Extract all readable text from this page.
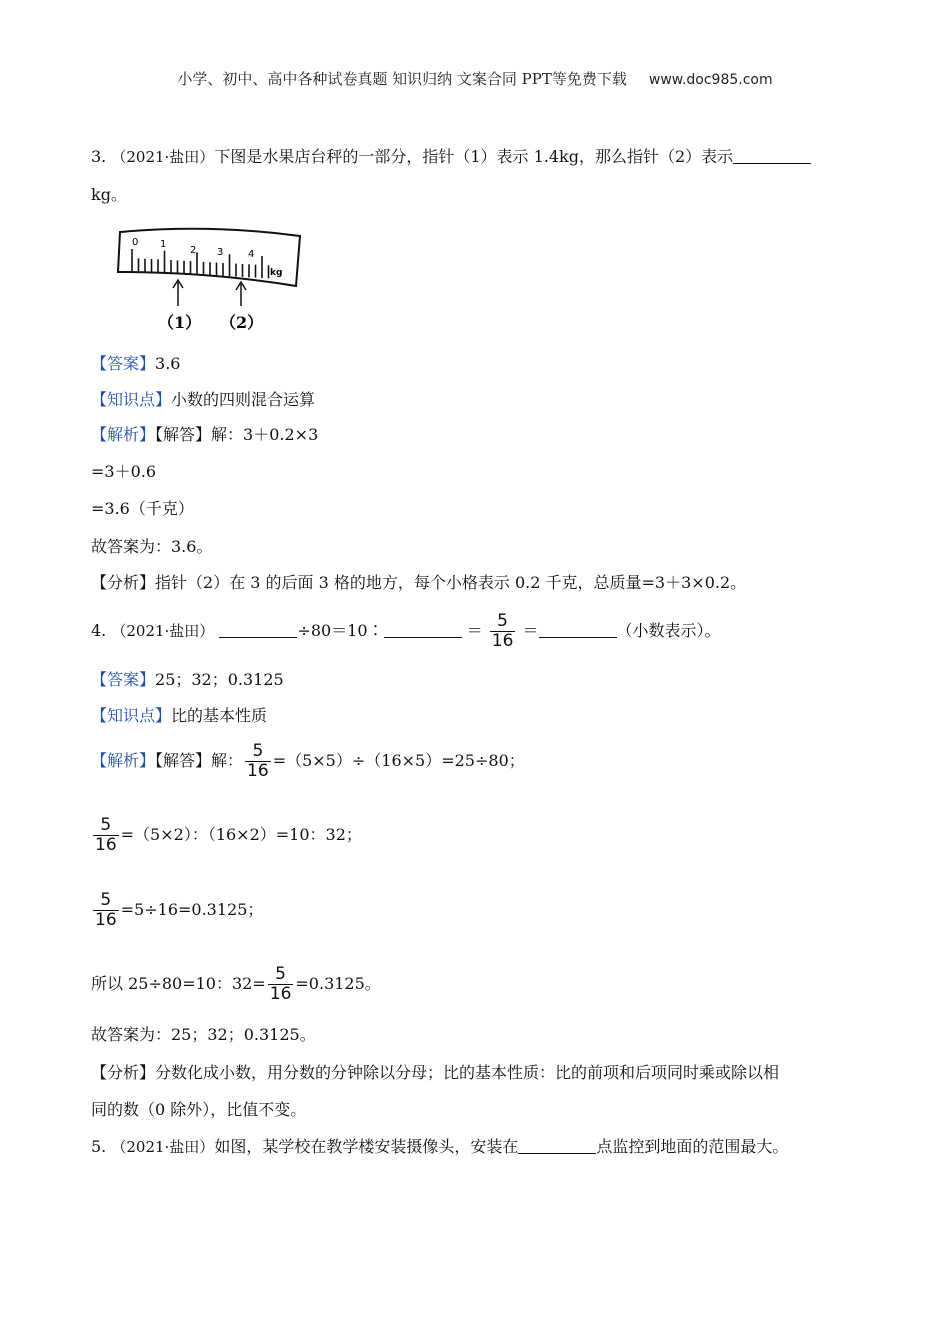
小学、初中、高中各种试卷真题 知识归纳 文案合同 PPT等免费下载 www.doc985.com
3. （2021·盐田）下图是水果店台秤的一部分，指针（1）表示 1.4kg，那么指针（2）表示
kg。
0 1
2 3 4
kg
（1） （2）
【答案】3.6
【知识点】小数的四则混合运算
【解析】【解答】解：3＋0.2×3
=3＋0.6
=3.6（千克）
故答案为：3.6。
【分析】指针（2）在 3 的后面 3 格的地方，每个小格表示 0.2 千克，总质量=3＋3×0.2。
4. （2021·盐田）	÷80＝10∶	＝ $\frac{5}{16}$ ＝	（小数表示）。
【答案】25；32；0.3125
【知识点】比的基本性质
【解析】【解答】解： $\frac{5}{16} =(5\times 5)\div(16\times 5)=25\div 80$；
$\frac{5}{16} =(5\times 2)$：（16×2）=10：32；
$\frac{5}{16} =5\div 16=0.3125$；
所以 25÷80=10：$32= \frac{5}{16} =0.3125$。
故答案为：25；32；0.3125。
【分析】分数化成小数，用分数的分钟除以分母；比的基本性质：比的前项和后项同时乘或除以相
同的数（0 除外），比值不变。
5. （2021·盐田）如图，某学校在教学楼安装摄像头，安装在	点监控到地面的范围最大。
